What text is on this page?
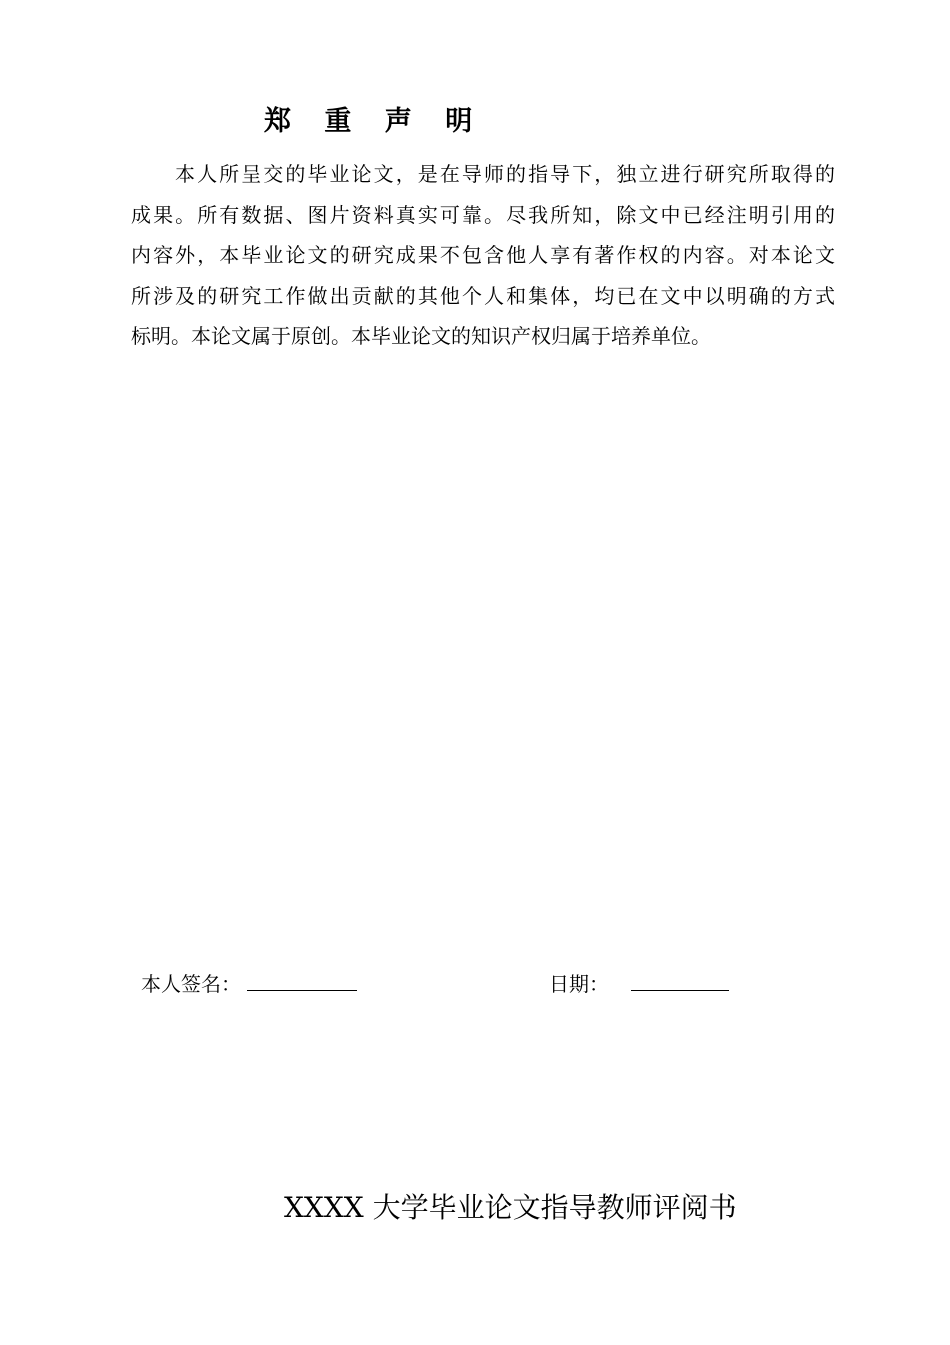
郑 重 声 明
本人所呈交的毕业论文，是在导师的指导下，独立进行研究所取得的
成果。所有数据、图片资料真实可靠。尽我所知，除文中已经注明引用的
内容外，本毕业论文的研究成果不包含他人享有著作权的内容。对本论文
所涉及的研究工作做出贡献的其他个人和集体，均已在文中以明确的方式
标明。本论文属于原创。本毕业论文的知识产权归属于培养单位。
本人签名：	日期：
XXXX 大学毕业论文指导教师评阅书
